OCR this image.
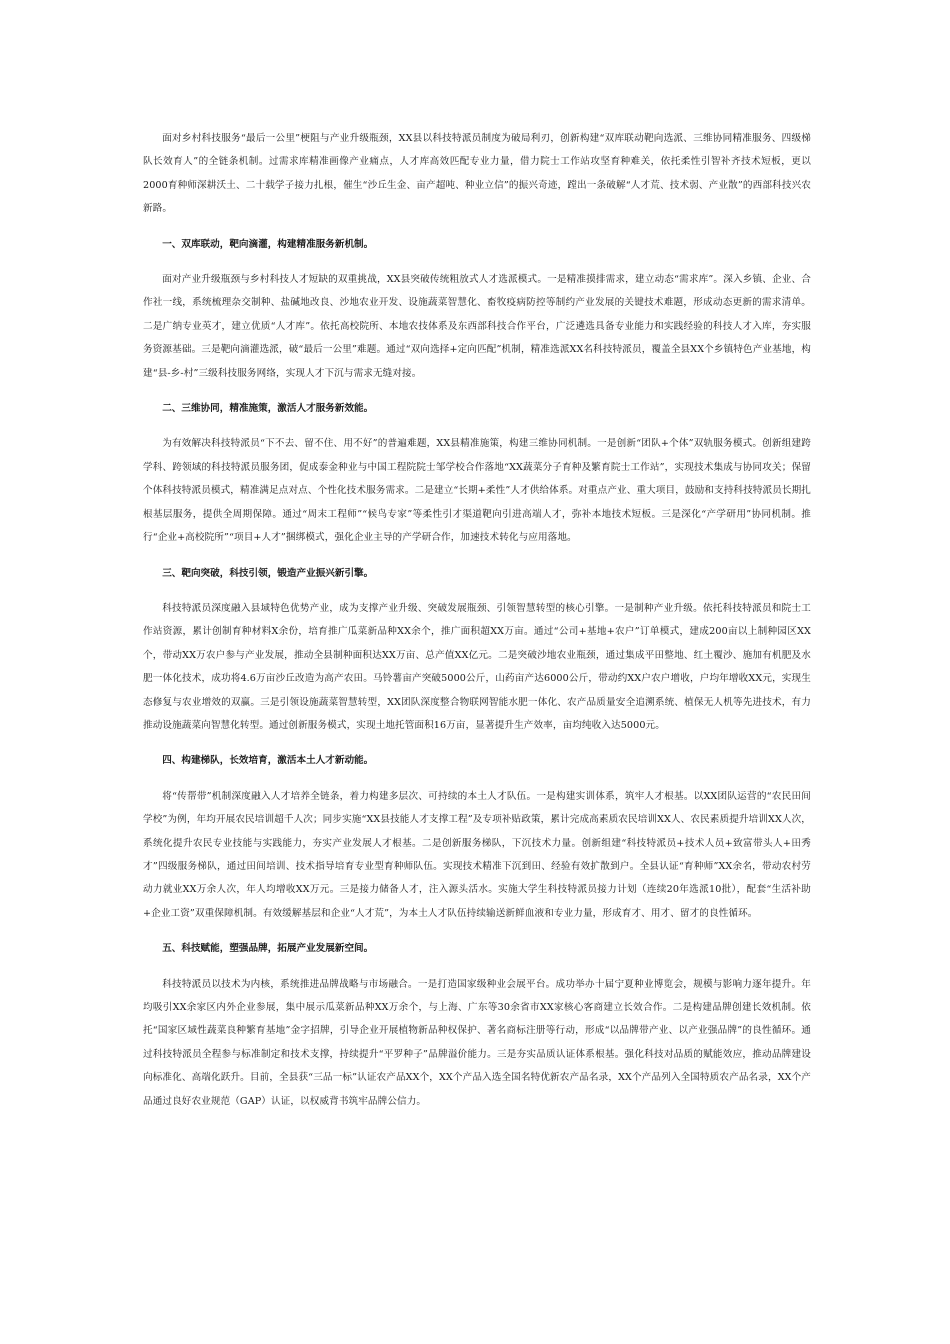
面对乡村科技服务“最后一公里”梗阻与产业升级瓶颈，XX县以科技特派员制度为破局利刃，创新构建“双库联动靶向选派、三维协同精准服务、四级梯队长效育人”的全链条机制。过需求库精准画像产业痛点，人才库高效匹配专业力量，借力院士工作站攻坚育种难关，依托柔性引智补齐技术短板，更以2000育种师深耕沃土、二十载学子接力扎根，催生“沙丘生金、亩产超吨、种业立信”的振兴奇迹，蹚出一条破解“人才荒、技术弱、产业散”的西部科技兴农新路。

一、双库联动，靶向滴灌，构建精准服务新机制。

面对产业升级瓶颈与乡村科技人才短缺的双重挑战，XX县突破传统粗放式人才选派模式。一是精准摸排需求，建立动态“需求库”。深入乡镇、企业、合作社一线，系统梳理杂交制种、盐碱地改良、沙地农业开发、设施蔬菜智慧化、畜牧疫病防控等制约产业发展的关键技术难题，形成动态更新的需求清单。二是广纳专业英才，建立优质“人才库”。依托高校院所、本地农技体系及东西部科技合作平台，广泛遴选具备专业能力和实践经验的科技人才入库，夯实服务资源基础。三是靶向滴灌选派，破“最后一公里”难题。通过“双向选择+定向匹配”机制，精准选派XX名科技特派员，覆盖全县XX个乡镇特色产业基地，构建“县-乡-村”三级科技服务网络，实现人才下沉与需求无缝对接。

二、三维协同，精准施策，激活人才服务新效能。

为有效解决科技特派员“下不去、留不住、用不好”的普遍难题，XX县精准施策，构建三维协同机制。一是创新“团队+个体”双轨服务模式。创新组建跨学科、跨领域的科技特派员服务团，促成泰金种业与中国工程院院士邹学校合作落地“XX蔬菜分子育种及繁育院士工作站”，实现技术集成与协同攻关；保留个体科技特派员模式，精准满足点对点、个性化技术服务需求。二是建立“长期+柔性”人才供给体系。对重点产业、重大项目，鼓励和支持科技特派员长期扎根基层服务，提供全周期保障。通过“周末工程师”“候鸟专家”等柔性引才渠道靶向引进高端人才，弥补本地技术短板。三是深化“产学研用”协同机制。推行“企业+高校院所”“项目+人才”捆绑模式，强化企业主导的产学研合作，加速技术转化与应用落地。

三、靶向突破，科技引领，锻造产业振兴新引擎。

科技特派员深度融入县域特色优势产业，成为支撑产业升级、突破发展瓶颈、引领智慧转型的核心引擎。一是制种产业升级。依托科技特派员和院士工作站资源，累计创制育种材料X余份，培育推广瓜菜新品种XX余个，推广面积超XX万亩。通过“公司+基地+农户”订单模式，建成200亩以上制种园区XX个，带动XX万农户参与产业发展，推动全县制种面积达XX万亩、总产值XX亿元。二是突破沙地农业瓶颈，通过集成平田整地、红土覆沙、施加有机肥及水肥一体化技术，成功将4.6万亩沙丘改造为高产农田。马铃薯亩产突破5000公斤，山药亩产达6000公斤，带动约XX户农户增收，户均年增收XX元，实现生态修复与农业增效的双赢。三是引领设施蔬菜智慧转型，XX团队深度整合物联网智能水肥一体化、农产品质量安全追溯系统、植保无人机等先进技术，有力推动设施蔬菜向智慧化转型。通过创新服务模式，实现土地托管面积16万亩，显著提升生产效率，亩均纯收入达5000元。

四、构建梯队，长效培育，激活本土人才新动能。

将“传帮带”机制深度融入人才培养全链条，着力构建多层次、可持续的本土人才队伍。一是构建实训体系，筑牢人才根基。以XX团队运营的“农民田间学校”为例，年均开展农民培训超千人次；同步实施“XX县技能人才支撑工程”及专项补贴政策，累计完成高素质农民培训XX人、农民素质提升培训XX人次，系统化提升农民专业技能与实践能力，夯实产业发展人才根基。二是创新服务梯队，下沉技术力量。创新组建“科技特派员+技术人员+致富带头人+田秀才”四级服务梯队，通过田间培训、技术指导培育专业型育种师队伍。实现技术精准下沉到田、经验有效扩散到户。全县认证“育种师”XX余名，带动农村劳动力就业XX万余人次，年人均增收XX万元。三是接力储备人才，注入源头活水。实施大学生科技特派员接力计划（连续20年选派10批），配套“生活补助+企业工资”双重保障机制。有效缓解基层和企业“人才荒”，为本土人才队伍持续输送新鲜血液和专业力量，形成育才、用才、留才的良性循环。

五、科技赋能，塑强品牌，拓展产业发展新空间。

科技特派员以技术为内核，系统推进品牌战略与市场融合。一是打造国家级种业会展平台。成功举办十届宁夏种业博览会，规模与影响力逐年提升。年均吸引XX余家区内外企业参展，集中展示瓜菜新品种XX万余个，与上海、广东等30余省市XX家核心客商建立长效合作。二是构建品牌创建长效机制。依托“国家区域性蔬菜良种繁育基地”金字招牌，引导企业开展植物新品种权保护、著名商标注册等行动，形成“以品牌带产业、以产业强品牌”的良性循环。通过科技特派员全程参与标准制定和技术支撑，持续提升“平罗种子”品牌溢价能力。三是夯实品质认证体系根基。强化科技对品质的赋能效应，推动品牌建设向标准化、高端化跃升。目前，全县获“三品一标”认证农产品XX个，XX个产品入选全国名特优新农产品名录，XX个产品列入全国特质农产品名录，XX个产品通过良好农业规范（GAP）认证，以权威背书筑牢品牌公信力。
